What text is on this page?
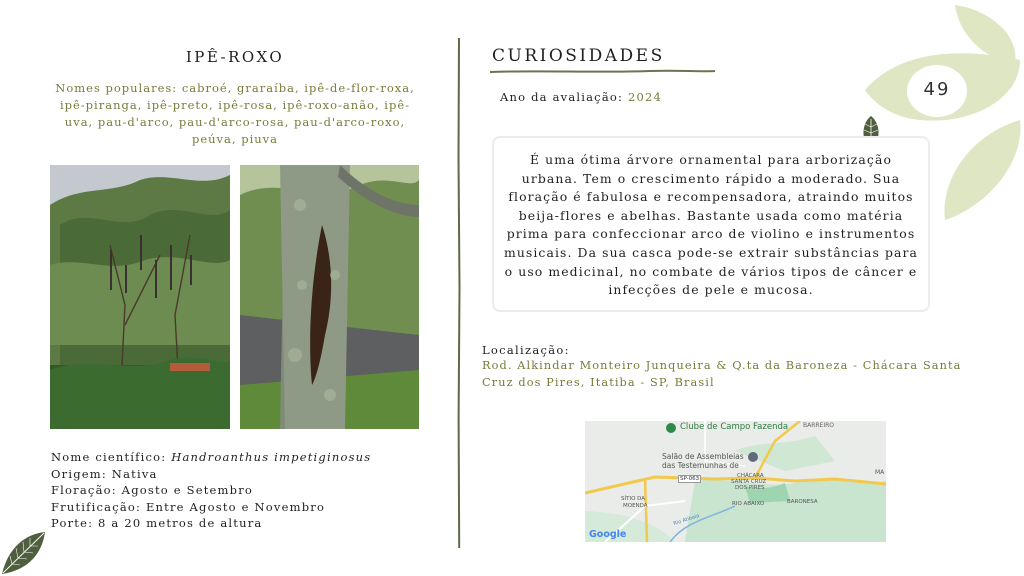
49
IPÊ-ROXO
Nomes populares: cabroé, graraíba, ipê-de-flor-roxa, ipê-piranga, ipê-preto, ipê-rosa, ipê-roxo-anão, ipê-uva, pau-d'arco, pau-d'arco-rosa, pau-d'arco-roxo, peúva, piuva
Nome científico: Handroanthus impetiginosus
Origem: Nativa
Floração: Agosto e Setembro
Frutificação: Entre Agosto e Novembro
Porte: 8 a 20 metros de altura
CURIOSIDADES
Ano da avaliação: 2024
É uma ótima árvore ornamental para arborização urbana. Tem o crescimento rápido a moderado. Sua floração é fabulosa e recompensadora, atraindo muitos beija-flores e abelhas. Bastante usada como matéria prima para confeccionar arco de violino e instrumentos musicais. Da sua casca pode-se extrair substâncias para o uso medicinal, no combate de vários tipos de câncer e infecções de pele e mucosa.
Localização:
Rod. Alkindar Monteiro Junqueira & Q.ta da Baroneza - Chácara Santa Cruz dos Pires, Itatiba - SP, Brasil
Clube de Campo Fazenda BARREIRO
Salão de Assembleias
das Testemunhas de
SP-063	CHÁCARA
SANTA CRUZ
DOS PIRES
SÍTIO DA
MOENDA	RIO ABAIXO	BARONESA
MA
Rio Atibaia
Google
